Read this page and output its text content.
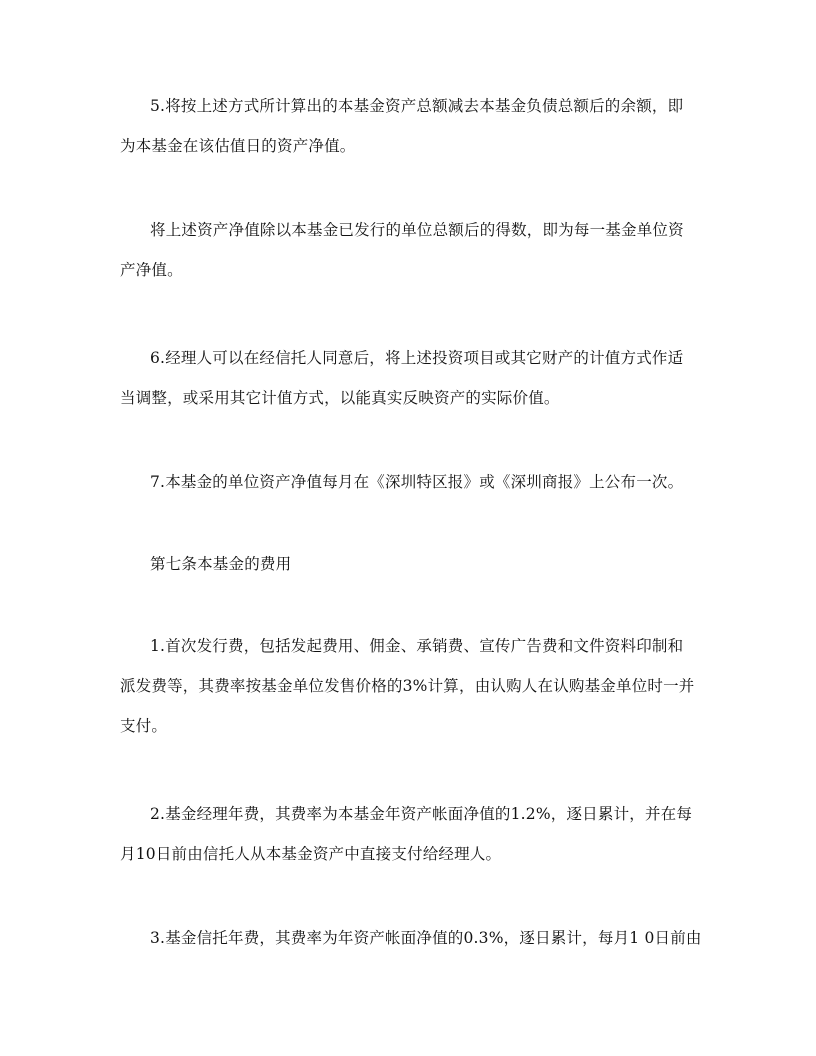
5.将按上述方式所计算出的本基金资产总额减去本基金负债总额后的余额，即
为本基金在该估值日的资产净值。

将上述资产净值除以本基金已发行的单位总额后的得数，即为每一基金单位资
产净值。

6.经理人可以在经信托人同意后，将上述投资项目或其它财产的计值方式作适
当调整，或采用其它计值方式，以能真实反映资产的实际价值。

7.本基金的单位资产净值每月在《深圳特区报》或《深圳商报》上公布一次。

第七条本基金的费用

1.首次发行费，包括发起费用、佣金、承销费、宣传广告费和文件资料印制和
派发费等，其费率按基金单位发售价格的3%计算，由认购人在认购基金单位时一并
支付。

2.基金经理年费，其费率为本基金年资产帐面净值的1.2%，逐日累计，并在每
月10日前由信托人从本基金资产中直接支付给经理人。

3.基金信托年费，其费率为年资产帐面净值的0.3%，逐日累计，每月1 0日前由
